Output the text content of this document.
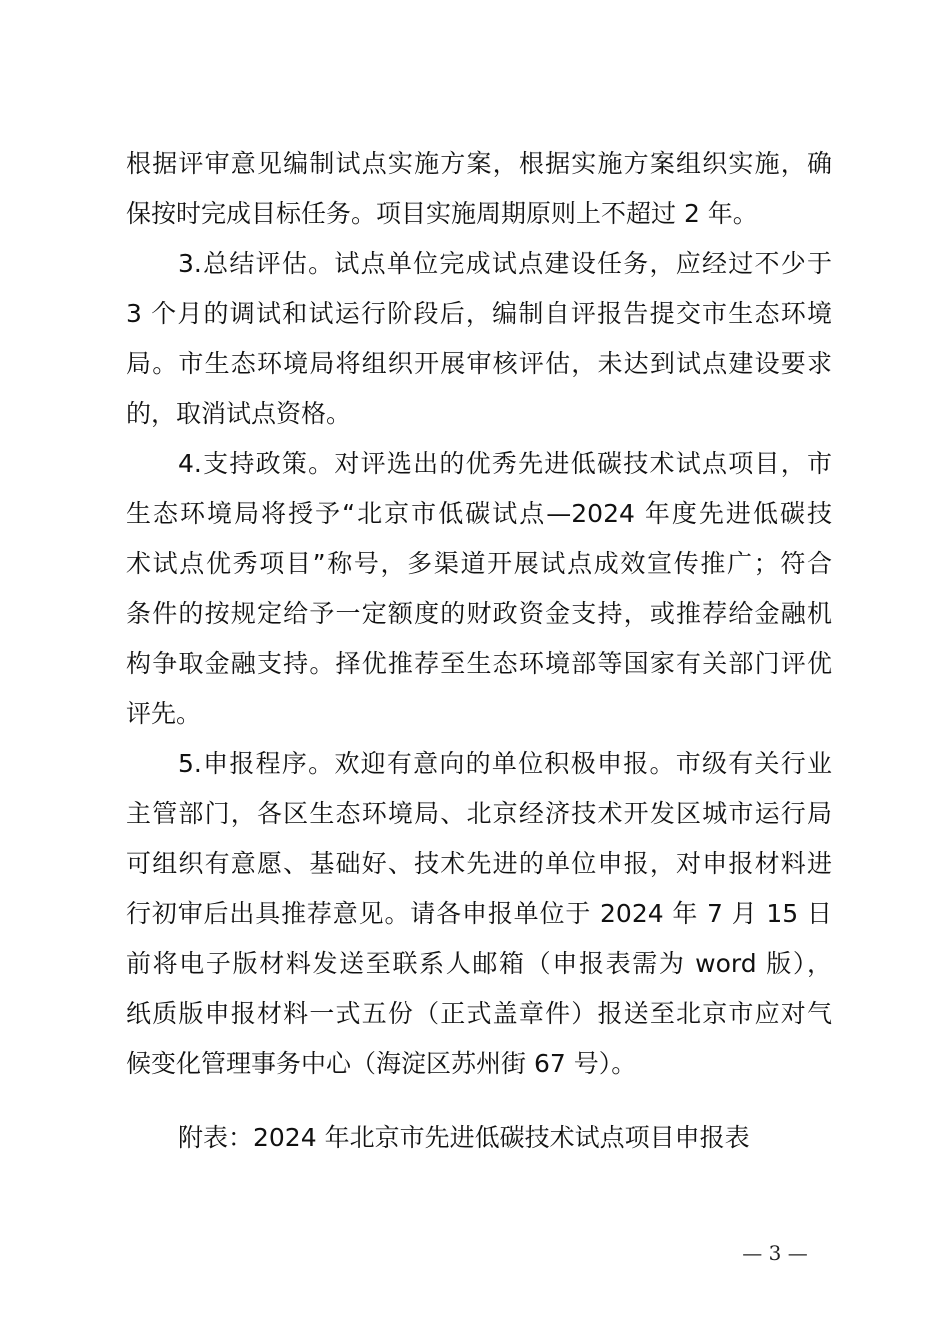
根据评审意见编制试点实施方案，根据实施方案组织实施，确
保按时完成目标任务。项目实施周期原则上不超过 2 年。
3.总结评估。试点单位完成试点建设任务，应经过不少于
3 个月的调试和试运行阶段后，编制自评报告提交市生态环境
局。市生态环境局将组织开展审核评估，未达到试点建设要求
的，取消试点资格。
4.支持政策。对评选出的优秀先进低碳技术试点项目，市
生态环境局将授予“北京市低碳试点—2024 年度先进低碳技
术试点优秀项目”称号，多渠道开展试点成效宣传推广；符合
条件的按规定给予一定额度的财政资金支持，或推荐给金融机
构争取金融支持。择优推荐至生态环境部等国家有关部门评优
评先。
5.申报程序。欢迎有意向的单位积极申报。市级有关行业
主管部门，各区生态环境局、北京经济技术开发区城市运行局
可组织有意愿、基础好、技术先进的单位申报，对申报材料进
行初审后出具推荐意见。请各申报单位于 2024 年 7 月 15 日
前将电子版材料发送至联系人邮箱（申报表需为 word 版），
纸质版申报材料一式五份（正式盖章件）报送至北京市应对气
候变化管理事务中心（海淀区苏州街 67 号）。
附表：2024 年北京市先进低碳技术试点项目申报表
— 3 —
